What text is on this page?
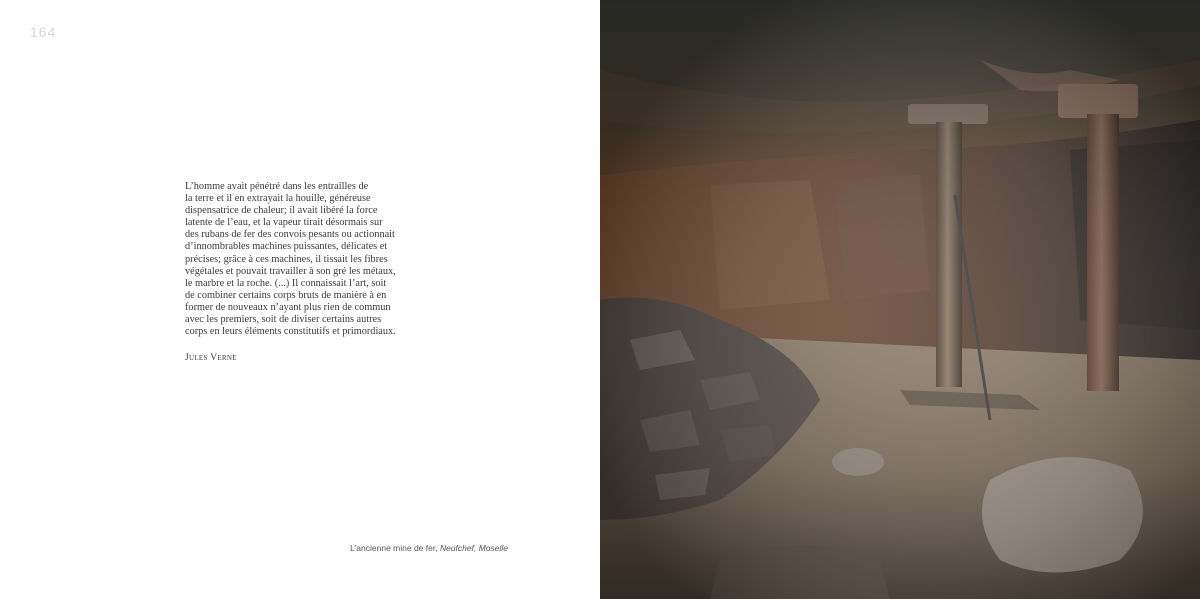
164

L’homme avait pénétré dans les entrailles de
la terre et il en extrayait la houille, généreuse
dispensatrice de chaleur; il avait libéré la force
latente de l’eau, et la vapeur tirait désormais sur
des rubans de fer des convois pesants ou actionnait
d’innombrables machines puissantes, délicates et
précises; grâce à ces machines, il tissait les fibres
végétales et pouvait travailler à son gré les métaux,
le marbre et la roche. (...) Il connaissait l’art, soit
de combiner certains corps bruts de manière à en
former de nouveaux n’ayant plus rien de commun
avec les premiers, soit de diviser certains autres
corps en leurs éléments constitutifs et primordiaux.

Jules Verne
L’ancienne mine de fer, Neufchef, Moselle
